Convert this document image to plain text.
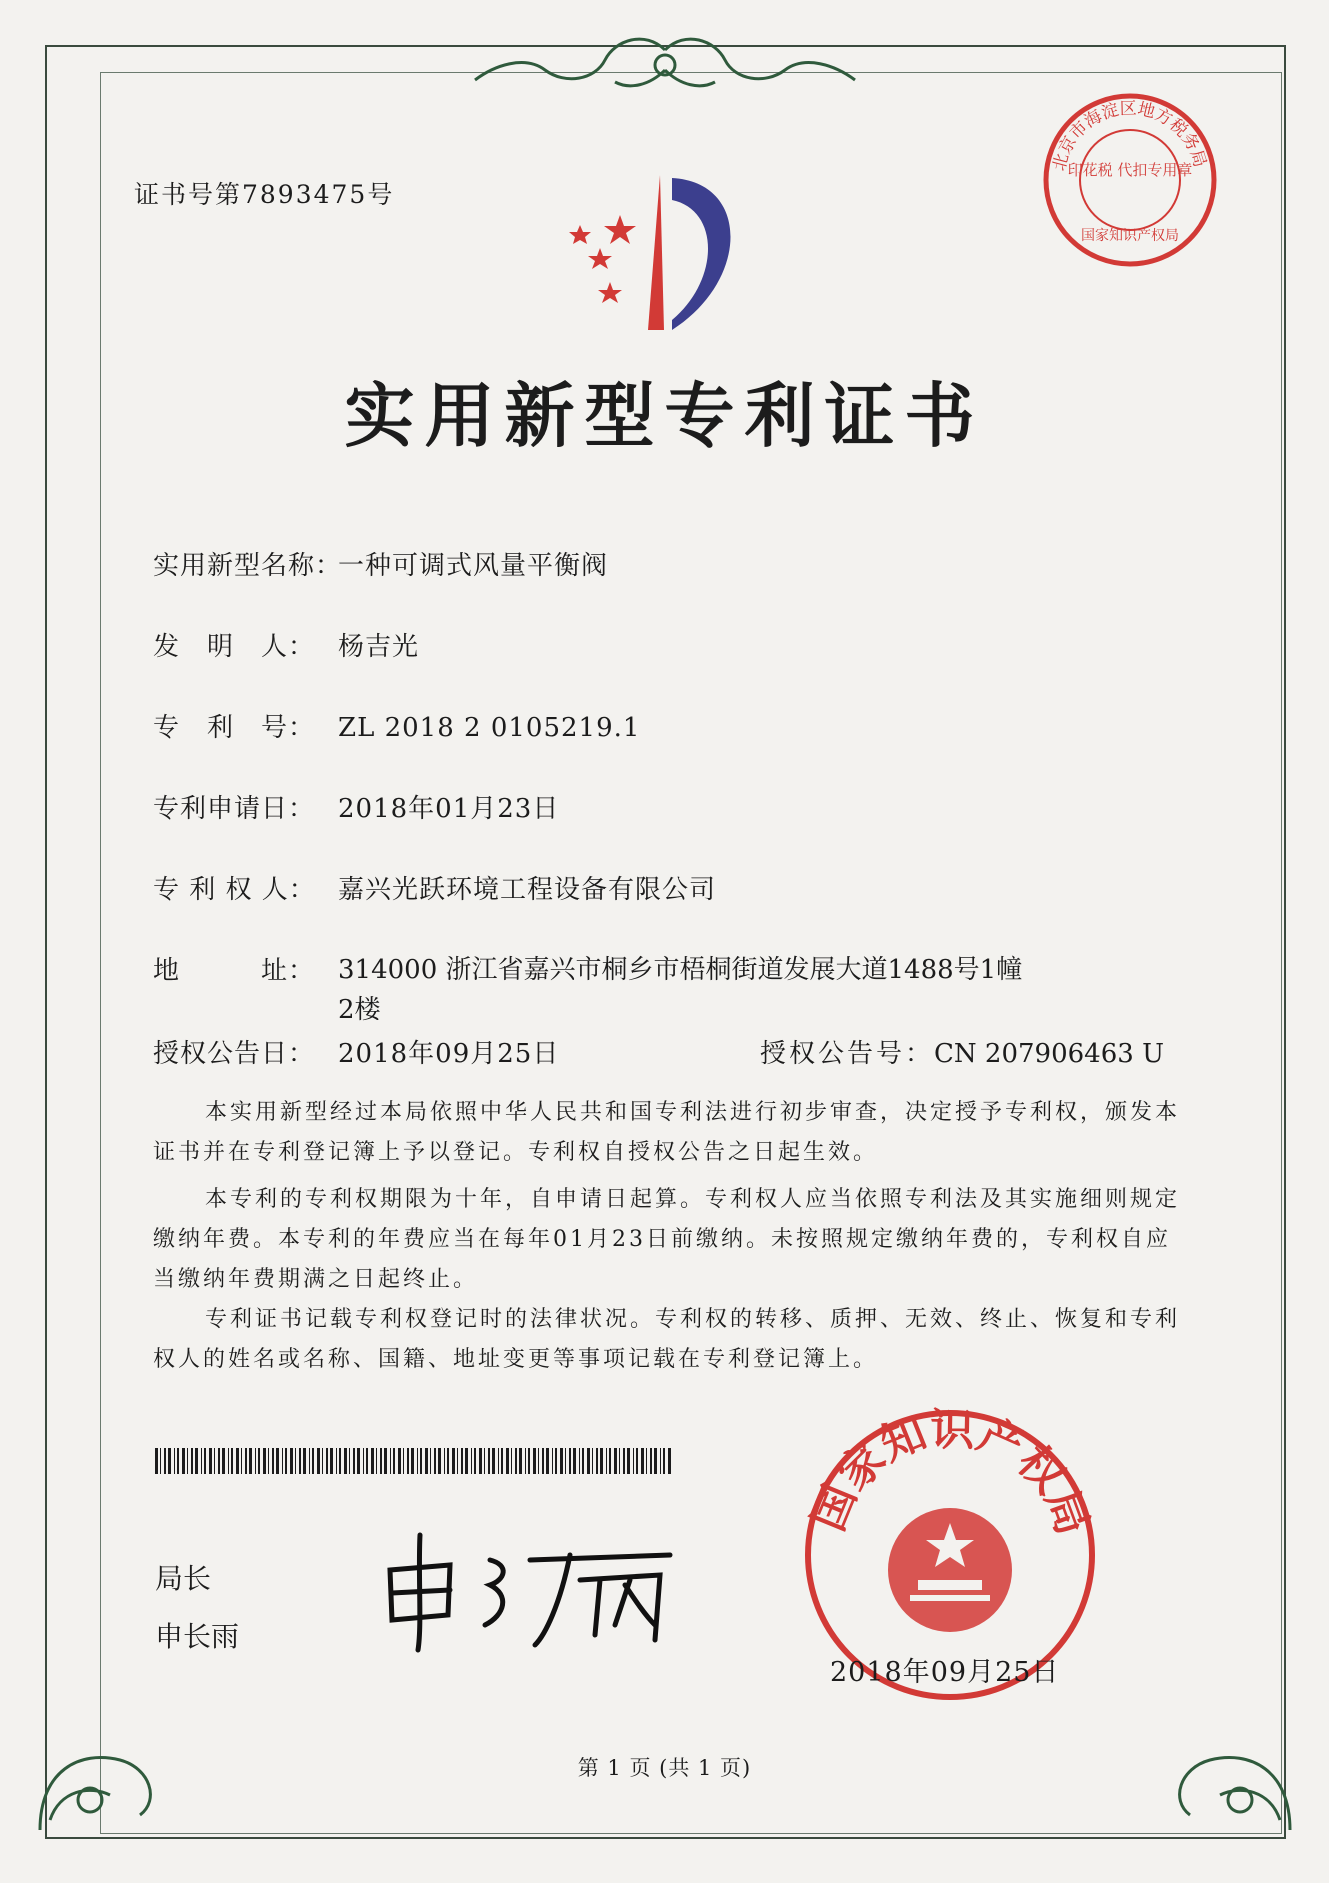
证书号第7893475号
北京市海淀区地方税务局
印花税 代扣专用章
国家知识产权局
实用新型专利证书
实用新型名称：一种可调式风量平衡阀
发　明　人： 杨吉光
专　利　号： ZL 2018 2 0105219.1
专利申请日： 2018年01月23日
专 利 权 人： 嘉兴光跃环境工程设备有限公司
地　　　址： 314000 浙江省嘉兴市桐乡市梧桐街道发展大道1488号1幢 2楼
授权公告日： 2018年09月25日	授权公告号：CN 207906463 U
本实用新型经过本局依照中华人民共和国专利法进行初步审查，决定授予专利权，颁发本证书并在专利登记簿上予以登记。专利权自授权公告之日起生效。
本专利的专利权期限为十年，自申请日起算。专利权人应当依照专利法及其实施细则规定缴纳年费。本专利的年费应当在每年01月23日前缴纳。未按照规定缴纳年费的，专利权自应当缴纳年费期满之日起终止。
专利证书记载专利权登记时的法律状况。专利权的转移、质押、无效、终止、恢复和专利权人的姓名或名称、国籍、地址变更等事项记载在专利登记簿上。
局长
申长雨
国家知识产权局
2018年09月25日
第 1 页 (共 1 页)
